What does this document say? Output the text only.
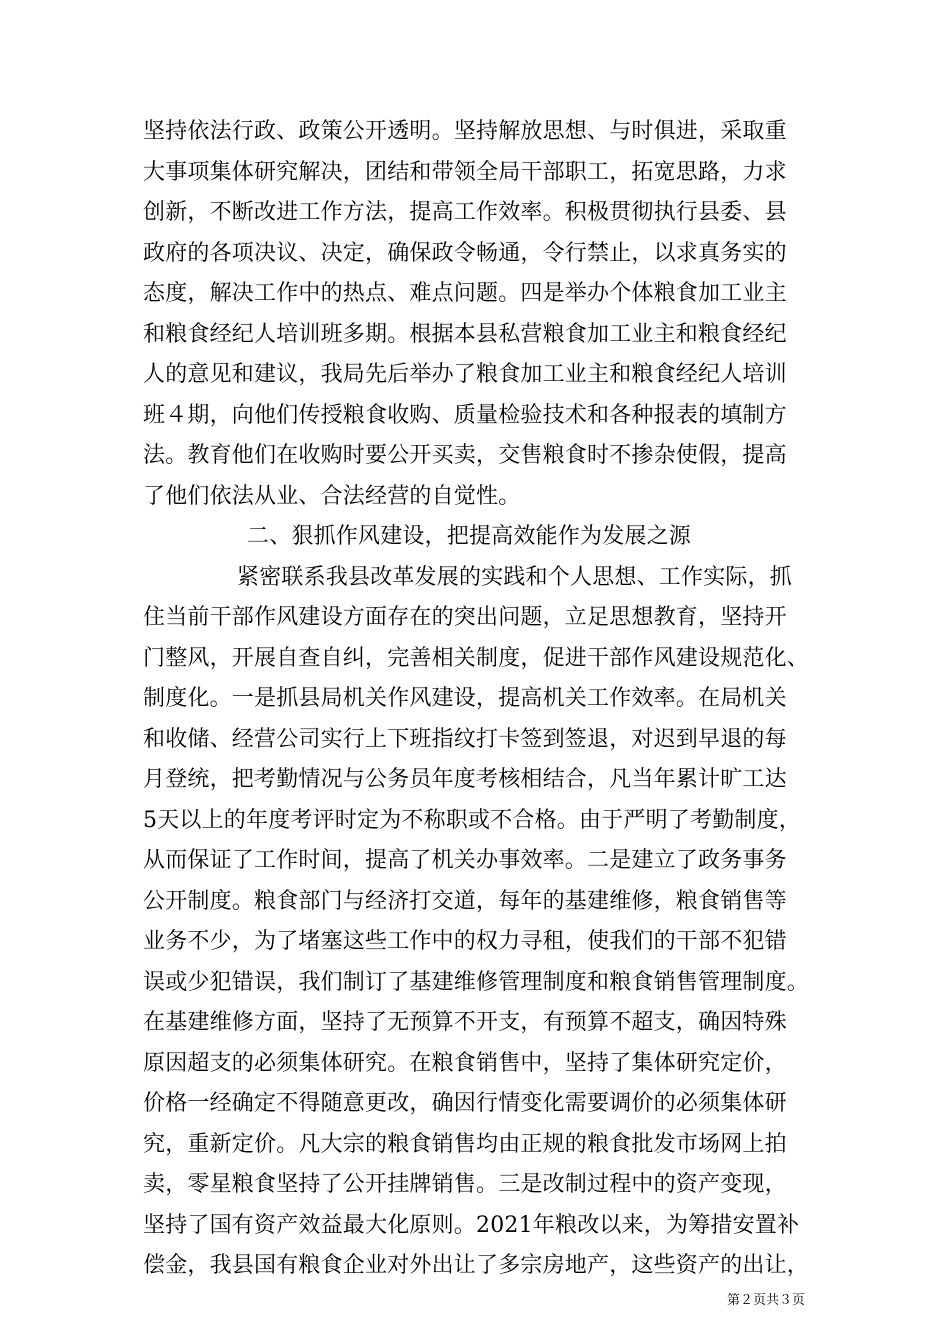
坚持依法行政、政策公开透明。坚持解放思想、与时俱进，采取重
大事项集体研究解决，团结和带领全局干部职工，拓宽思路，力求
创新，不断改进工作方法，提高工作效率。积极贯彻执行县委、县
政府的各项决议、决定，确保政令畅通，令行禁止，以求真务实的
态度，解决工作中的热点、难点问题。四是举办个体粮食加工业主
和粮食经纪人培训班多期。根据本县私营粮食加工业主和粮食经纪
人的意见和建议，我局先后举办了粮食加工业主和粮食经纪人培训
班４期，向他们传授粮食收购、质量检验技术和各种报表的填制方
法。教育他们在收购时要公开买卖，交售粮食时不掺杂使假，提高
了他们依法从业、合法经营的自觉性。
二、狠抓作风建设，把提高效能作为发展之源
紧密联系我县改革发展的实践和个人思想、工作实际，抓
住当前干部作风建设方面存在的突出问题，立足思想教育，坚持开
门整风，开展自查自纠，完善相关制度，促进干部作风建设规范化、
制度化。一是抓县局机关作风建设，提高机关工作效率。在局机关
和收储、经营公司实行上下班指纹打卡签到签退，对迟到早退的每
月登统，把考勤情况与公务员年度考核相结合，凡当年累计旷工达
5天以上的年度考评时定为不称职或不合格。由于严明了考勤制度，
从而保证了工作时间，提高了机关办事效率。二是建立了政务事务
公开制度。粮食部门与经济打交道，每年的基建维修，粮食销售等
业务不少，为了堵塞这些工作中的权力寻租，使我们的干部不犯错
误或少犯错误，我们制订了基建维修管理制度和粮食销售管理制度。
在基建维修方面，坚持了无预算不开支，有预算不超支，确因特殊
原因超支的必须集体研究。在粮食销售中，坚持了集体研究定价，
价格一经确定不得随意更改，确因行情变化需要调价的必须集体研
究，重新定价。凡大宗的粮食销售均由正规的粮食批发市场网上拍
卖，零星粮食坚持了公开挂牌销售。三是改制过程中的资产变现，
坚持了国有资产效益最大化原则。2021年粮改以来，为筹措安置补
第２页共３页
偿金，我县国有粮食企业对外出让了多宗房地产，这些资产的出让，
